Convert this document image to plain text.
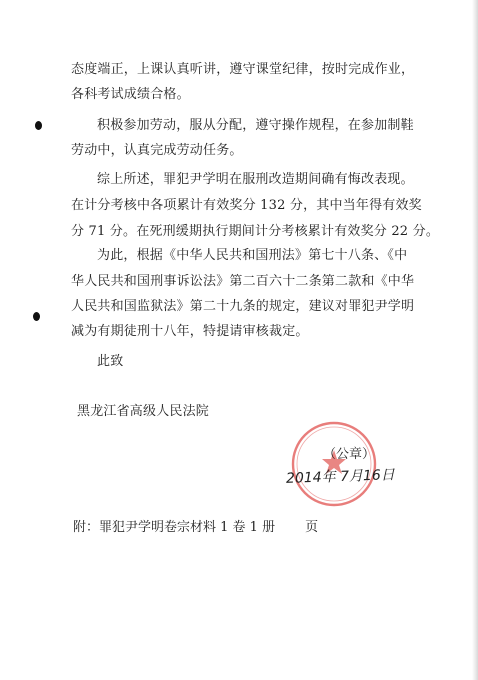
态度端正，上课认真听讲，遵守课堂纪律，按时完成作业，
各科考试成绩合格。
积极参加劳动，服从分配，遵守操作规程，在参加制鞋
劳动中，认真完成劳动任务。
综上所述，罪犯尹学明在服刑改造期间确有悔改表现。
在计分考核中各项累计有效奖分 132 分，其中当年得有效奖
分 71 分。在死刑缓期执行期间计分考核累计有效奖分 22 分。
为此，根据《中华人民共和国刑法》第七十八条、《中
华人民共和国刑事诉讼法》第二百六十二条第二款和《中华
人民共和国监狱法》第二十九条的规定，建议对罪犯尹学明
减为有期徒刑十八年，特提请审核裁定。
此致
黑龙江省高级人民法院
（公章）
2014年 7月16日
附：罪犯尹学明卷宗材料 1 卷 1 册 页
